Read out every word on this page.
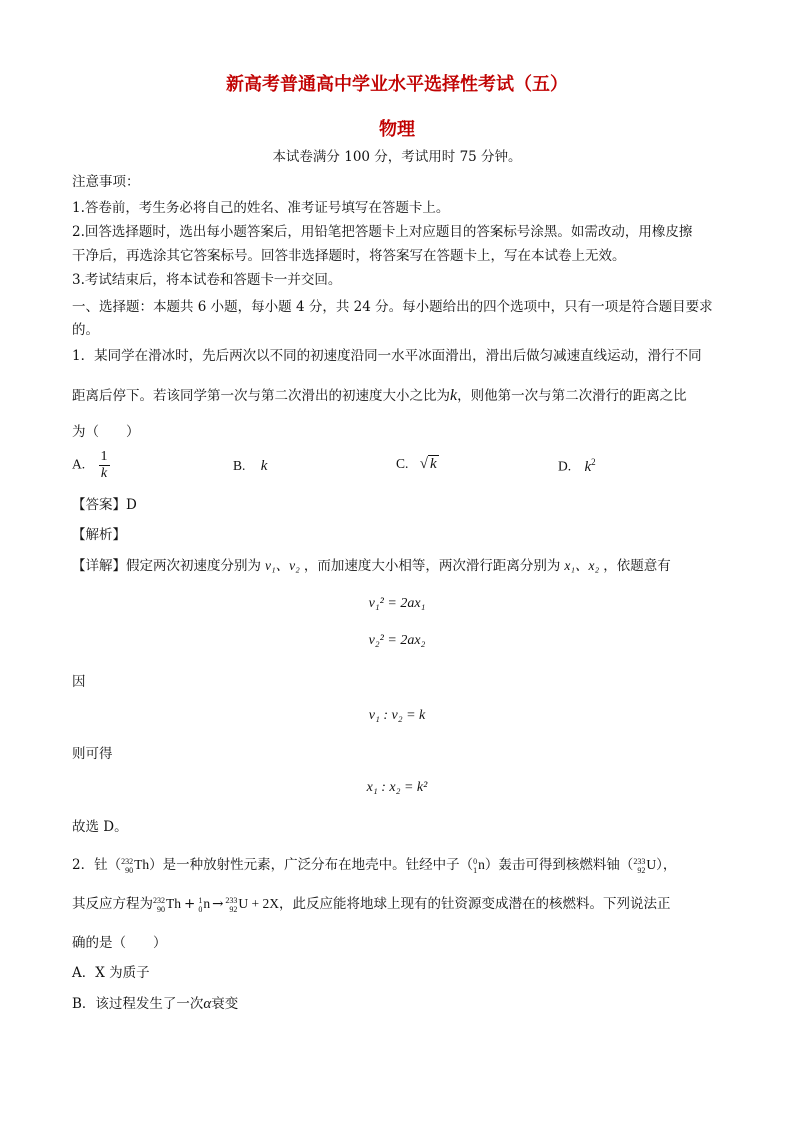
新高考普通高中学业水平选择性考试（五）
物理
本试卷满分 100 分，考试用时 75 分钟。
注意事项：
1.答卷前，考生务必将自己的姓名、准考证号填写在答题卡上。
2.回答选择题时，选出每小题答案后，用铅笔把答题卡上对应题目的答案标号涂黑。如需改动，用橡皮擦
干净后，再选涂其它答案标号。回答非选择题时，将答案写在答题卡上，写在本试卷上无效。
3.考试结束后，将本试卷和答题卡一并交回。
一、选择题：本题共 6 小题，每小题 4 分，共 24 分。每小题给出的四个选项中，只有一项是符合题目要求
的。
1．某同学在滑冰时，先后两次以不同的初速度沿同一水平冰面滑出，滑出后做匀减速直线运动，滑行不同
距离后停下。若该同学第一次与第二次滑出的初速度大小之比为k，则他第一次与第二次滑行的距离之比
为（　　）
A. $\frac{1}{k}$	B. k	C. √ k	D. $k^2$
【答案】D
【解析】
【详解】假定两次初速度分别为 v₁、v₂ ，而加速度大小相等，两次滑行距离分别为 x₁、x₂ ，依题意有
v₁² = 2ax₁
v₂² = 2ax₂
因
v₁ : v₂ = k
则可得
x₁ : x₂ = k²
故选 D。
2．钍（ 232
90 Th）是一种放射性元素，广泛分布在地壳中。钍经中子（ 0
1 n）轰击可得到核燃料铀（ 233
92 U），
其反应方程为 232
90 Th + 1
0 n → 233
92 U + 2X，此反应能将地球上现有的钍资源变成潜在的核燃料。下列说法正
确的是（　　）
A．X 为质子
B．该过程发生了一次α衰变
